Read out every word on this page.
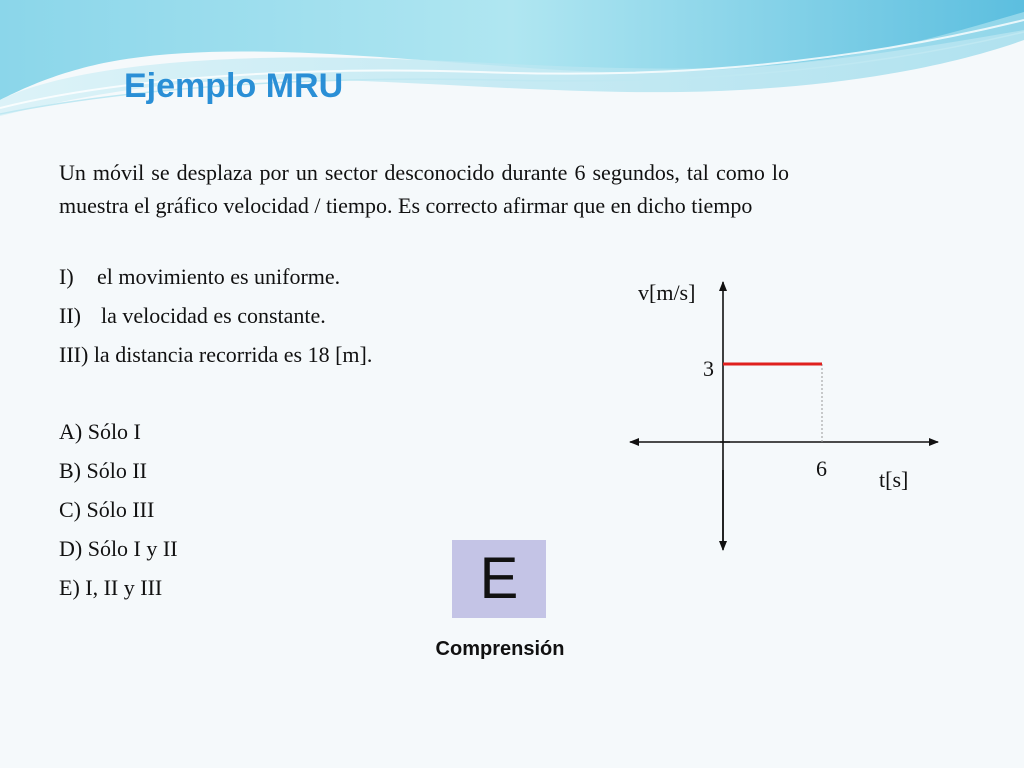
Ejemplo MRU

Un móvil se desplaza por un sector desconocido durante 6 segundos, tal como lo muestra el gráfico velocidad / tiempo. Es correcto afirmar que en dicho tiempo

I) el movimiento es uniforme.
II) la velocidad es constante.
III) la distancia recorrida es 18 [m].
A) Sólo I
B) Sólo II
C) Sólo III
D) Sólo I y II
E) I, II y III
v[m/s]
t[s]
3
6
E
Comprensión
